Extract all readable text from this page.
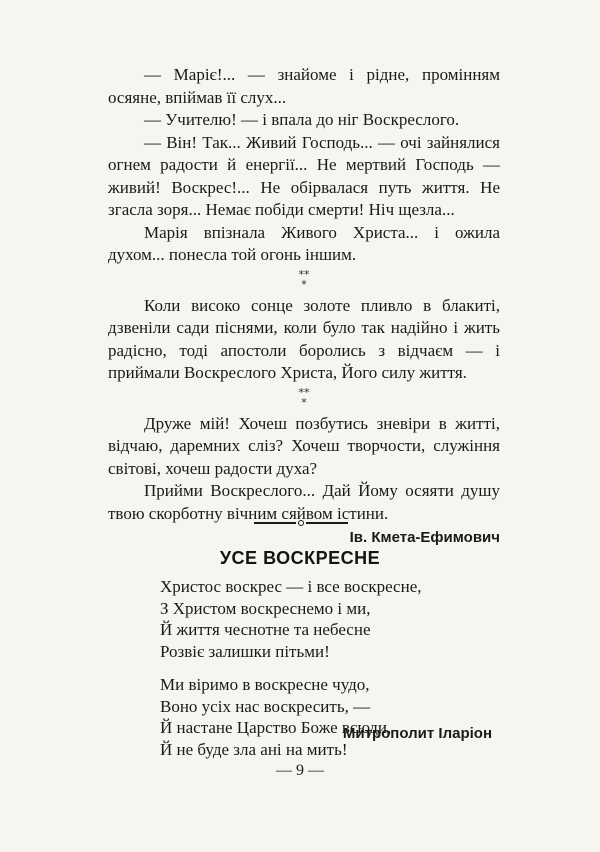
— Маріє!... — знайоме і рідне, промінням осяяне, впіймав її слух...

— Учителю! — і впала до ніг Воскреслого.

— Він! Так... Живий Господь... — очі зайнялися огнем радости й енергії... Не мертвий Господь — живий! Воскрес!... Не обірвалася путь життя. Не згасла зоря... Немає побіди смерти! Ніч щезла...

Марія впізнала Живого Христа... і ожила духом... понесла той огонь іншим.

**
*

Коли високо сонце золоте пливло в блакиті, дзвеніли сади піснями, коли було так надійно і жить радісно, тоді апостоли боролись з відчаєм — і приймали Воскреслого Христа, Його силу життя.

**
*

Друже мій! Хочеш позбутись зневіри в житті, відчаю, даремних сліз? Хочеш творчости, служіння світові, хочеш радости духа?

Прийми Воскреслого... Дай Йому осяяти душу твою скорботну вічним сяйвом істини.

Ів. Кмета-Ефимович
УСЕ ВОСКРЕСНЕ
Христос воскрес — і все воскресне,
З Христом воскреснемо і ми,
Й життя чеснотне та небесне
Розвіє залишки пітьми!
Ми віримо в воскресне чудо,
Воно усіх нас воскресить, —
Й настане Царство Боже всюди,
Й не буде зла ані на мить!
Митрополит Іларіон
— 9 —
